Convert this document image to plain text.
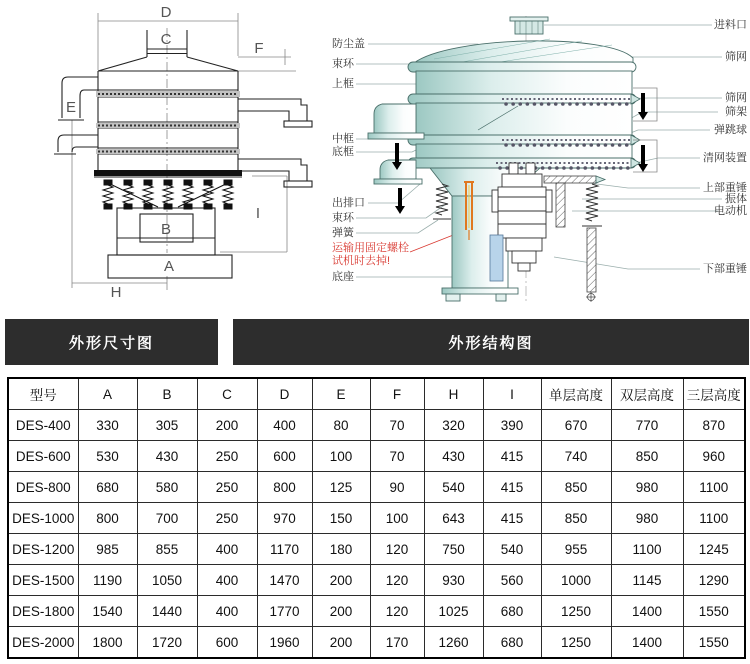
D
C
F
E
B
A
H
I
防尘盖
束环
上框
中框
底框
出排口
束环
弹簧
运输用固定螺栓
试机时去掉!
底座
进料口
筛网
筛网
筛架
弹跳球
清网装置
上部重锤
振体
电动机
下部重锤
外形尺寸图	外形结构图
型号	A	B	C	D	E	F	H	I	单层高度	双层高度	三层高度
DES-400	330	305	200	400	80	70	320	390	670	770	870
DES-600	530	430	250	600	100	70	430	415	740	850	960
DES-800	680	580	250	800	125	90	540	415	850	980	1100
DES-1000	800	700	250	970	150	100	643	415	850	980	1100
DES-1200	985	855	400	1170	180	120	750	540	955	1100	1245
DES-1500	1190	1050	400	1470	200	120	930	560	1000	1145	1290
DES-1800	1540	1440	400	1770	200	120	1025	680	1250	1400	1550
DES-2000	1800	1720	600	1960	200	170	1260	680	1250	1400	1550
